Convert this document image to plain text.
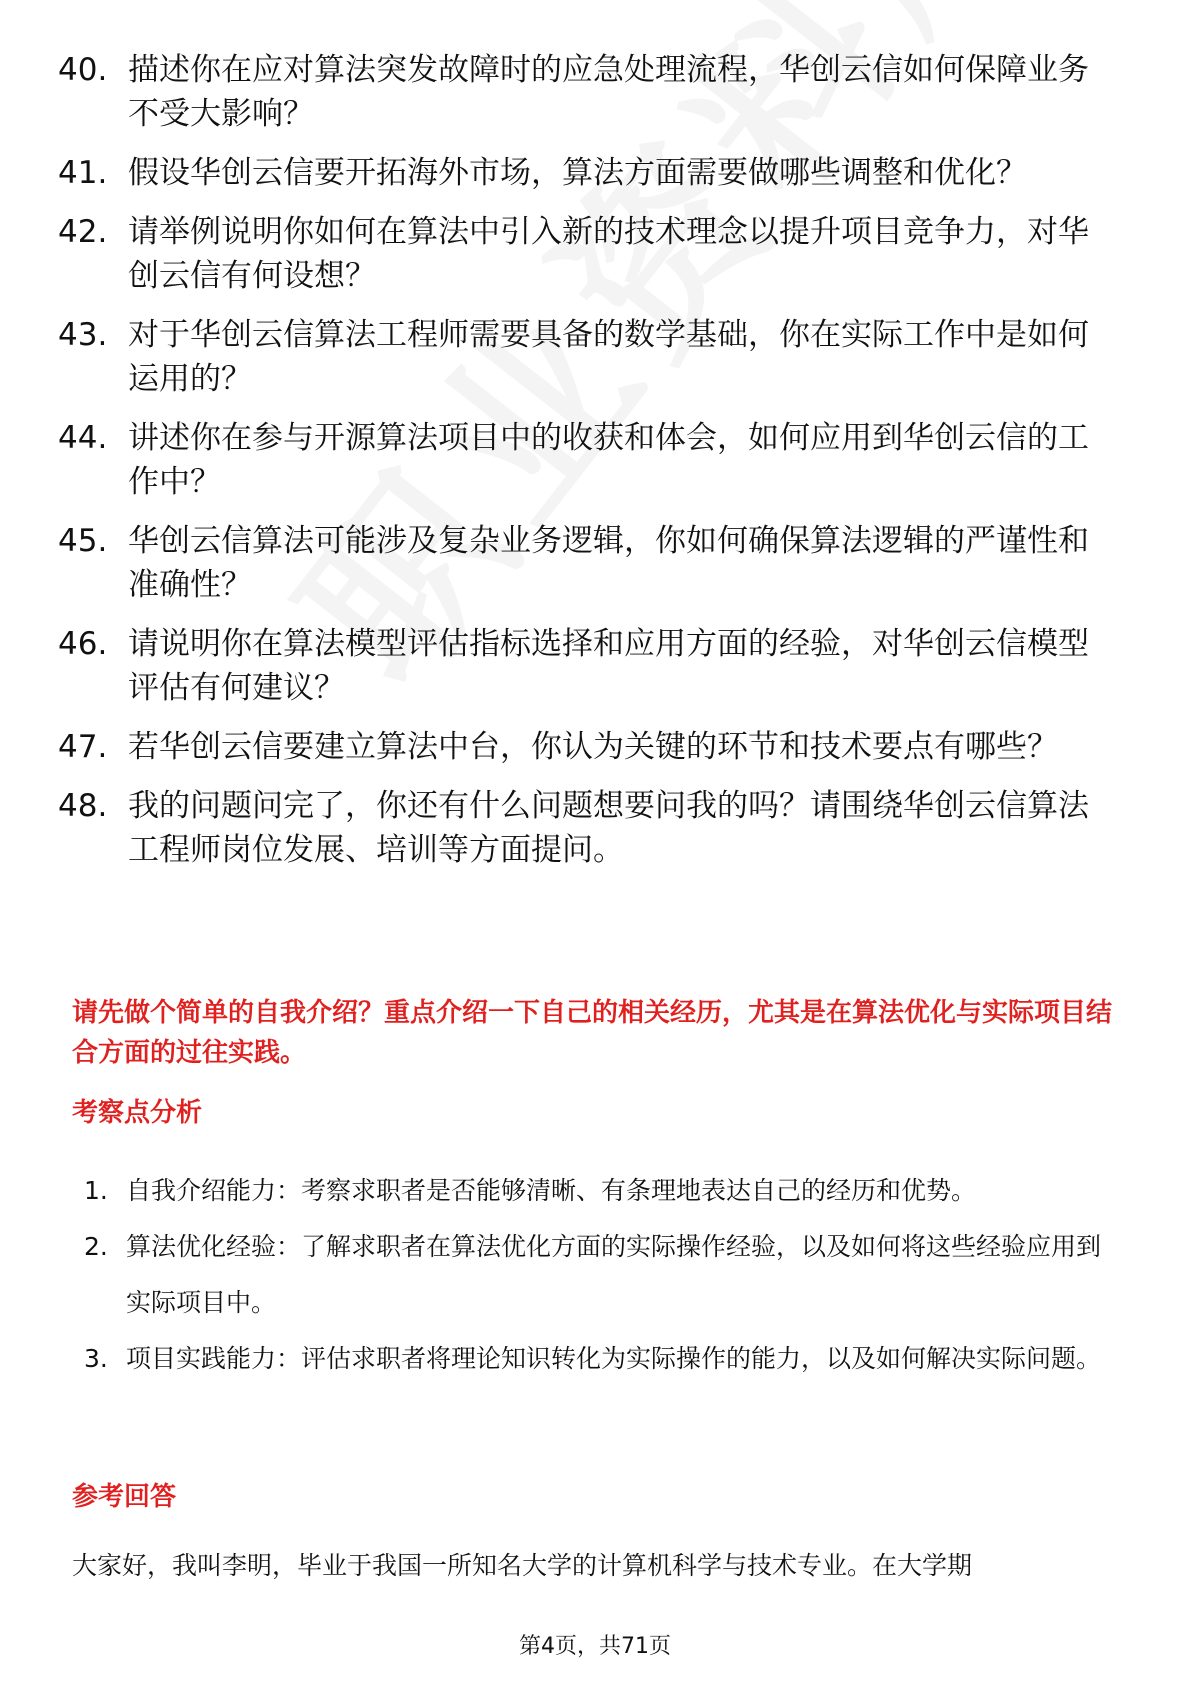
40. 描述你在应对算法突发故障时的应急处理流程，华创云信如何保障业务不受大影响？
41. 假设华创云信要开拓海外市场，算法方面需要做哪些调整和优化？
42. 请举例说明你如何在算法中引入新的技术理念以提升项目竞争力，对华创云信有何设想？
43. 对于华创云信算法工程师需要具备的数学基础，你在实际工作中是如何运用的？
44. 讲述你在参与开源算法项目中的收获和体会，如何应用到华创云信的工作中？
45. 华创云信算法可能涉及复杂业务逻辑，你如何确保算法逻辑的严谨性和准确性？
46. 请说明你在算法模型评估指标选择和应用方面的经验，对华创云信模型评估有何建议？
47. 若华创云信要建立算法中台，你认为关键的环节和技术要点有哪些？
48. 我的问题问完了，你还有什么问题想要问我的吗？请围绕华创云信算法工程师岗位发展、培训等方面提问。
请先做个简单的自我介绍？重点介绍一下自己的相关经历，尤其是在算法优化与实际项目结合方面的过往实践。
考察点分析
1. 自我介绍能力：考察求职者是否能够清晰、有条理地表达自己的经历和优势。
2. 算法优化经验：了解求职者在算法优化方面的实际操作经验，以及如何将这些经验应用到实际项目中。
3. 项目实践能力：评估求职者将理论知识转化为实际操作的能力，以及如何解决实际问题。
参考回答
大家好，我叫李明，毕业于我国一所知名大学的计算机科学与技术专业。在大学期
第4页，共71页
